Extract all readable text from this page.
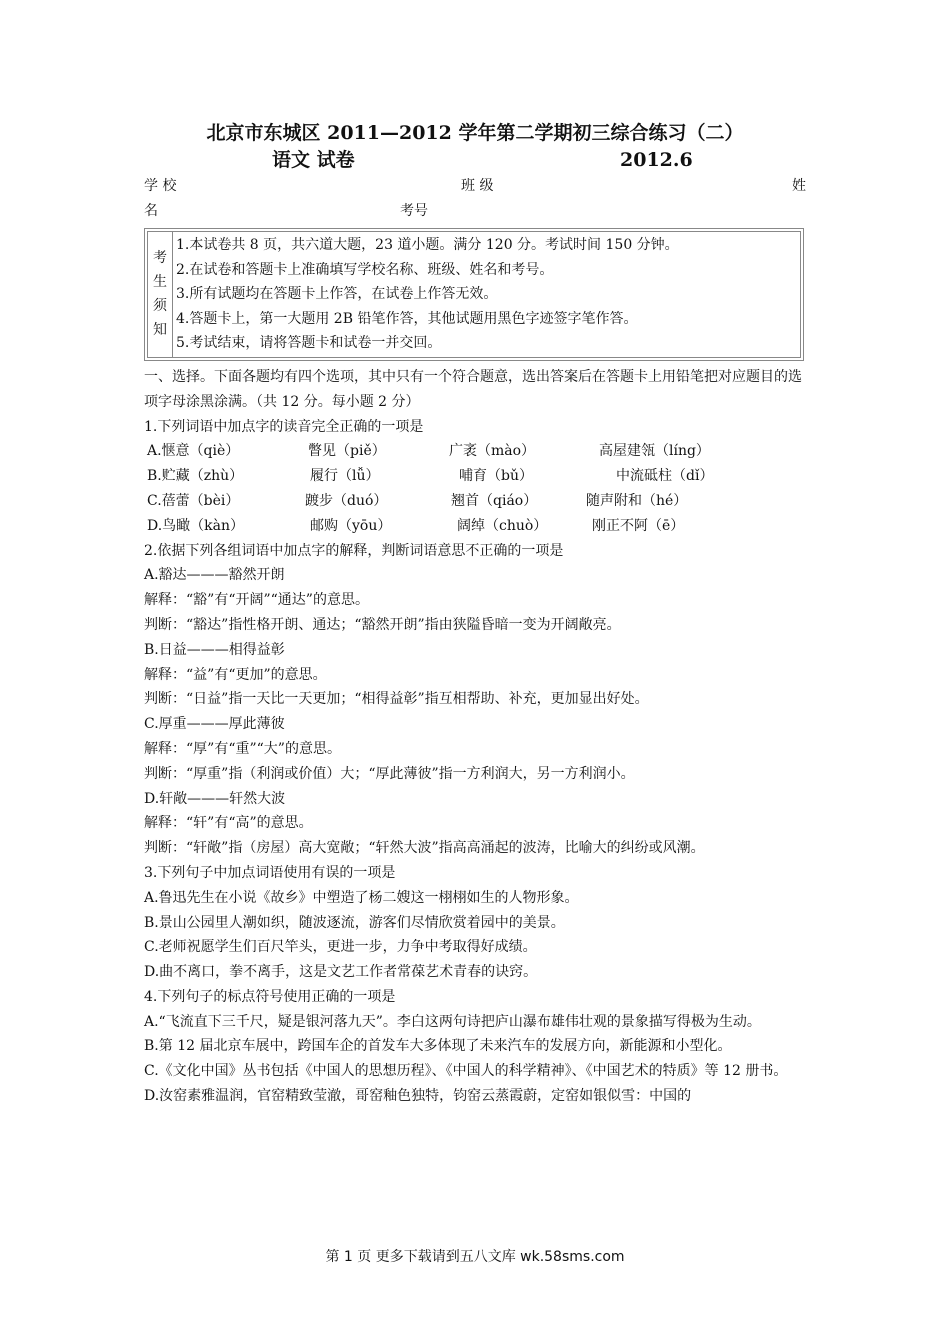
北京市东城区 2011—2012 学年第二学期初三综合练习（二）
语文 试卷	2012.6
学 校	班 级	姓
名	考号
考
生
须
知

1.本试卷共 8 页，共六道大题，23 道小题。满分 120 分。考试时间 150 分钟。
2.在试卷和答题卡上准确填写学校名称、班级、姓名和考号。
3.所有试题均在答题卡上作答，在试卷上作答无效。
4.答题卡上，第一大题用 2B 铅笔作答，其他试题用黑色字迹签字笔作答。
5.考试结束，请将答题卡和试卷一并交回。

一、选择。下面各题均有四个选项，其中只有一个符合题意，选出答案后在答题卡上用铅笔把对应题目的选项字母涂黑涂满。（共 12 分。每小题 2 分）

1.下列词语中加点字的读音完全正确的一项是

A.惬意（qiè）	瞥见（piě）	广袤（mào）	高屋建瓴（líng）
B.贮藏（zhù）	履行（lǚ）	哺育（bǔ）	中流砥柱（dǐ）
C.蓓蕾（bèi）	踱步（duó）	翘首（qiáo）	随声附和（hé）
D.鸟瞰（kàn）	邮购（yōu）	阔绰（chuò）	刚正不阿（ē）

2.依据下列各组词语中加点字的解释，判断词语意思不正确的一项是

A.豁达———豁然开朗

解释：“豁”有“开阔”“通达”的意思。

判断：“豁达”指性格开朗、通达；“豁然开朗”指由狭隘昏暗一变为开阔敞亮。

B.日益———相得益彰

解释：“益”有“更加”的意思。

判断：“日益”指一天比一天更加；“相得益彰”指互相帮助、补充，更加显出好处。

C.厚重———厚此薄彼

解释：“厚”有“重”“大”的意思。

判断：“厚重”指（利润或价值）大；“厚此薄彼”指一方利润大，另一方利润小。

D.轩敞———轩然大波

解释：“轩”有“高”的意思。

判断：“轩敞”指（房屋）高大宽敞；“轩然大波”指高高涌起的波涛，比喻大的纠纷或风潮。

3.下列句子中加点词语使用有误的一项是

A.鲁迅先生在小说《故乡》中塑造了杨二嫂这一栩栩如生的人物形象。

B.景山公园里人潮如织，随波逐流，游客们尽情欣赏着园中的美景。

C.老师祝愿学生们百尺竿头，更进一步，力争中考取得好成绩。

D.曲不离口，拳不离手，这是文艺工作者常葆艺术青春的诀窍。

4.下列句子的标点符号使用正确的一项是

A.“飞流直下三千尺，疑是银河落九天”。李白这两句诗把庐山瀑布雄伟壮观的景象描写得极为生动。

B.第 12 届北京车展中，跨国车企的首发车大多体现了未来汽车的发展方向，新能源和小型化。

C.《文化中国》丛书包括《中国人的思想历程》、《中国人的科学精神》、《中国艺术的特质》等 12 册书。

D.汝窑素雅温润，官窑精致莹澈，哥窑釉色独特，钧窑云蒸霞蔚，定窑如银似雪：中国的

第 1 页 更多下载请到五八文库 wk.58sms.com
